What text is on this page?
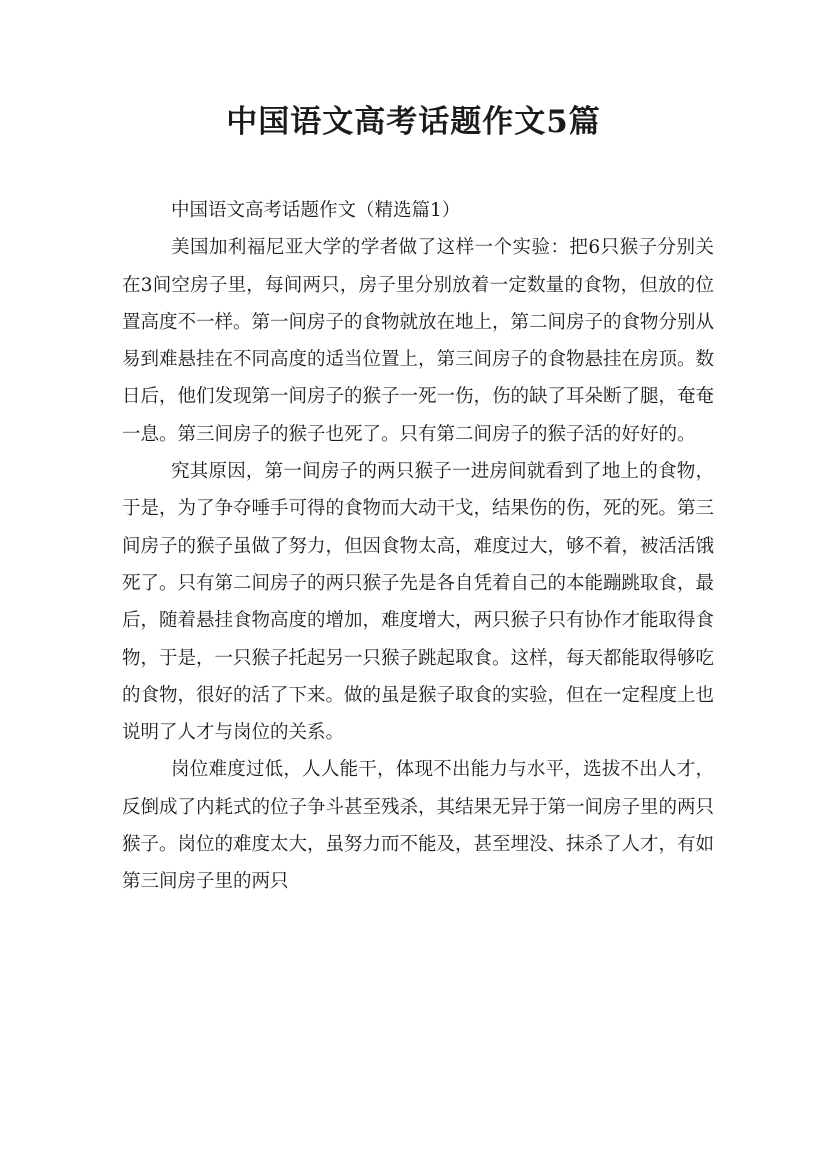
中国语文高考话题作文5篇

中国语文高考话题作文（精选篇1）

美国加利福尼亚大学的学者做了这样一个实验：把6只猴子分别关在3间空房子里，每间两只，房子里分别放着一定数量的食物，但放的位置高度不一样。第一间房子的食物就放在地上，第二间房子的食物分别从易到难悬挂在不同高度的适当位置上，第三间房子的食物悬挂在房顶。数日后，他们发现第一间房子的猴子一死一伤，伤的缺了耳朵断了腿，奄奄一息。第三间房子的猴子也死了。只有第二间房子的猴子活的好好的。

究其原因，第一间房子的两只猴子一进房间就看到了地上的食物，于是，为了争夺唾手可得的食物而大动干戈，结果伤的伤，死的死。第三间房子的猴子虽做了努力，但因食物太高，难度过大，够不着，被活活饿死了。只有第二间房子的两只猴子先是各自凭着自己的本能蹦跳取食，最后，随着悬挂食物高度的增加，难度增大，两只猴子只有协作才能取得食物，于是，一只猴子托起另一只猴子跳起取食。这样，每天都能取得够吃的食物，很好的活了下来。做的虽是猴子取食的实验，但在一定程度上也说明了人才与岗位的关系。

岗位难度过低，人人能干，体现不出能力与水平，选拔不出人才，反倒成了内耗式的位子争斗甚至残杀，其结果无异于第一间房子里的两只猴子。岗位的难度太大，虽努力而不能及，甚至埋没、抹杀了人才，有如第三间房子里的两只
